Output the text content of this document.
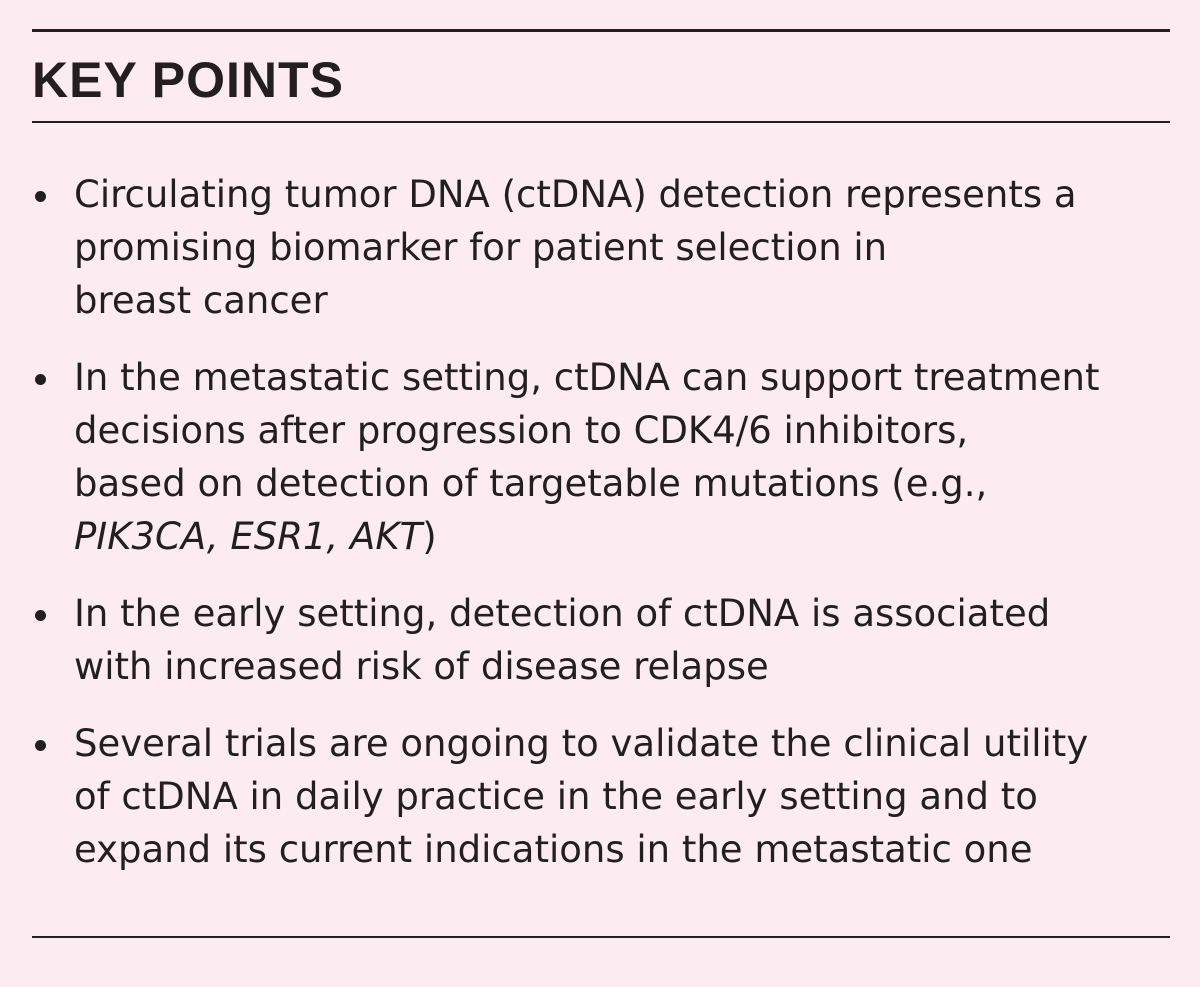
KEY POINTS
Circulating tumor DNA (ctDNA) detection represents a
promising biomarker for patient selection in
breast cancer
In the metastatic setting, ctDNA can support treatment
decisions after progression to CDK4/6 inhibitors,
based on detection of targetable mutations (e.g.,
PIK3CA, ESR1, AKT)
In the early setting, detection of ctDNA is associated
with increased risk of disease relapse
Several trials are ongoing to validate the clinical utility
of ctDNA in daily practice in the early setting and to
expand its current indications in the metastatic one
